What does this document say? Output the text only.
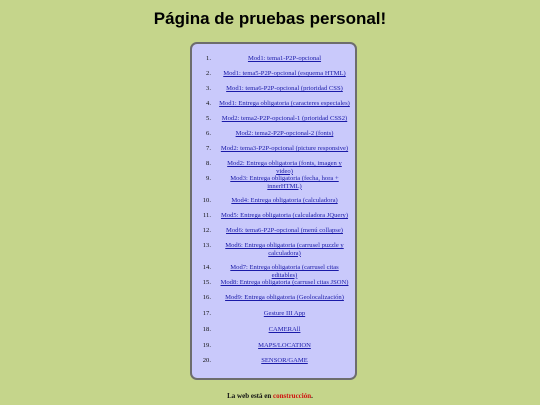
Página de pruebas personal!
1.	Mod1: tema1-P2P-opcional
2.	Mod1: tema5-P2P-opcional (esquema HTML)
3.	Mod1: tema6-P2P-opcional (prioridad CSS)
4. Mod1: Entrega obligatoria (caracteres especiales)
5.	Mod2: tema2-P2P-opcional-1 (prioridad CSS2)
6.	Mod2: tema2-P2P-opcional-2 (fonts)
7.	Mod2: tema3-P2P-opcional (picture responsive)
8.	Mod2: Entrega obligatoria (fonts, imagen y video)
9.	Mod3: Entrega obligatoria (fecha, hora + innerHTML)
10.	Mod4: Entrega obligatoria (calculadora)
11.	Mod5: Entrega obligatoria (calculadora JQuery)
12.	Mod6: tema6-P2P-opcional (menú collapse)
13.	Mod6: Entrega obligatoria (carrusel puzzle y calculadora)
14.	Mod7: Entrega obligatoria (carrusel citas editables)
15.	Mod8: Entrega obligatoria (carrusel citas JSON)
16.	Mod9: Entrega obligatoria (Geolocalización)
17.	Gesture III App
18.	CAMERAll
19.	MAPS/LOCATION
20.	SENSOR/GAME
La web está en construcción.
